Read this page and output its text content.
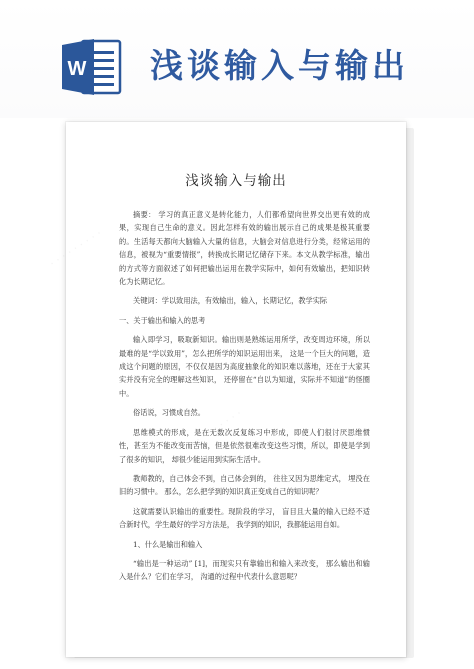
W 浅谈输入与输出
· · · · · · · · ·
· · · · · · · · ·
浅谈输入与输出

摘要： 学习的真正意义是转化能力，人们都希望向世界交出更有效的成果，实现自己生命的意义。因此怎样有效的输出展示自己的成果是极其重要的。生活每天都向大脑输入大量的信息，大脑会对信息进行分类，经常运用的信息，被视为“重要情报”，转换成长期记忆储存下来。本文从教学标准，输出的方式等方面叙述了如何把输出运用在教学实际中，如何有效输出，把知识转化为长期记忆。

关键词：学以致用法，有效输出，输入，长期记忆，教学实际

一、关于输出和输入的思考

输入即学习，吸取新知识。输出则是熟练运用所学，改变周边环境，所以最难的是“学以致用”，怎么把所学的知识运用出来， 这是一个巨大的问题，造成这个问题的原因，不仅仅是因为高度抽象化的知识难以落地，还在于大家其实并没有完全的理解这些知识， 还停留在“自以为知道，实际并不知道”的怪圈中。

俗话说，习惯成自然。

思维模式的形成，是在无数次反复练习中形成，即使人们很讨厌思维惯性，甚至为不能改变而苦恼，但是依然很难改变这些习惯，所以，即使是学到了很多的知识， 却很少能运用到实际生活中。

教师教的，自己体会不到，自己体会到的， 往往又因为思维定式， 埋没在旧的习惯中。 那么，怎么把学到的知识真正变成自己的知识呢？

这就需要认识输出的重要性。现阶段的学习， 盲目且大量的输入已经不适合新时代，学生最好的学习方法是， 我学到的知识，我都能运用自如。

1、什么是输出和输入

“输出是一种运动” [1]，而现实只有靠输出和输入来改变， 那么输出和输入是什么？它们在学习， 沟通的过程中代表什么意思呢？
